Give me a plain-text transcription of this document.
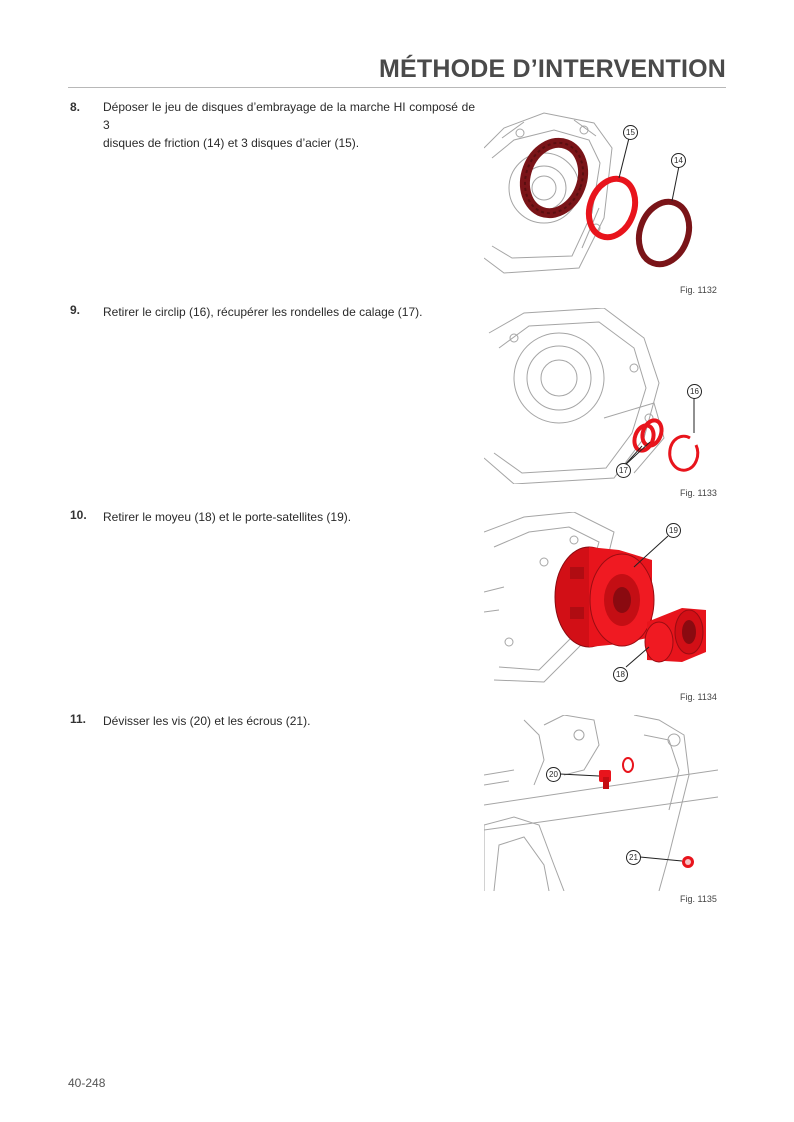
MÉTHODE D’INTERVENTION
8. Déposer le jeu de disques d’embrayage de la marche HI composé de 3
disques de friction (14) et 3 disques d’acier (15).
15
14
Fig. 1132
9. Retirer le circlip (16), récupérer les rondelles de calage (17).
16
17
Fig. 1133
10. Retirer le moyeu (18) et le porte-satellites (19).
19
18
Fig. 1134
11. Dévisser les vis (20) et les écrous (21).
20
21
Fig. 1135
40-248
